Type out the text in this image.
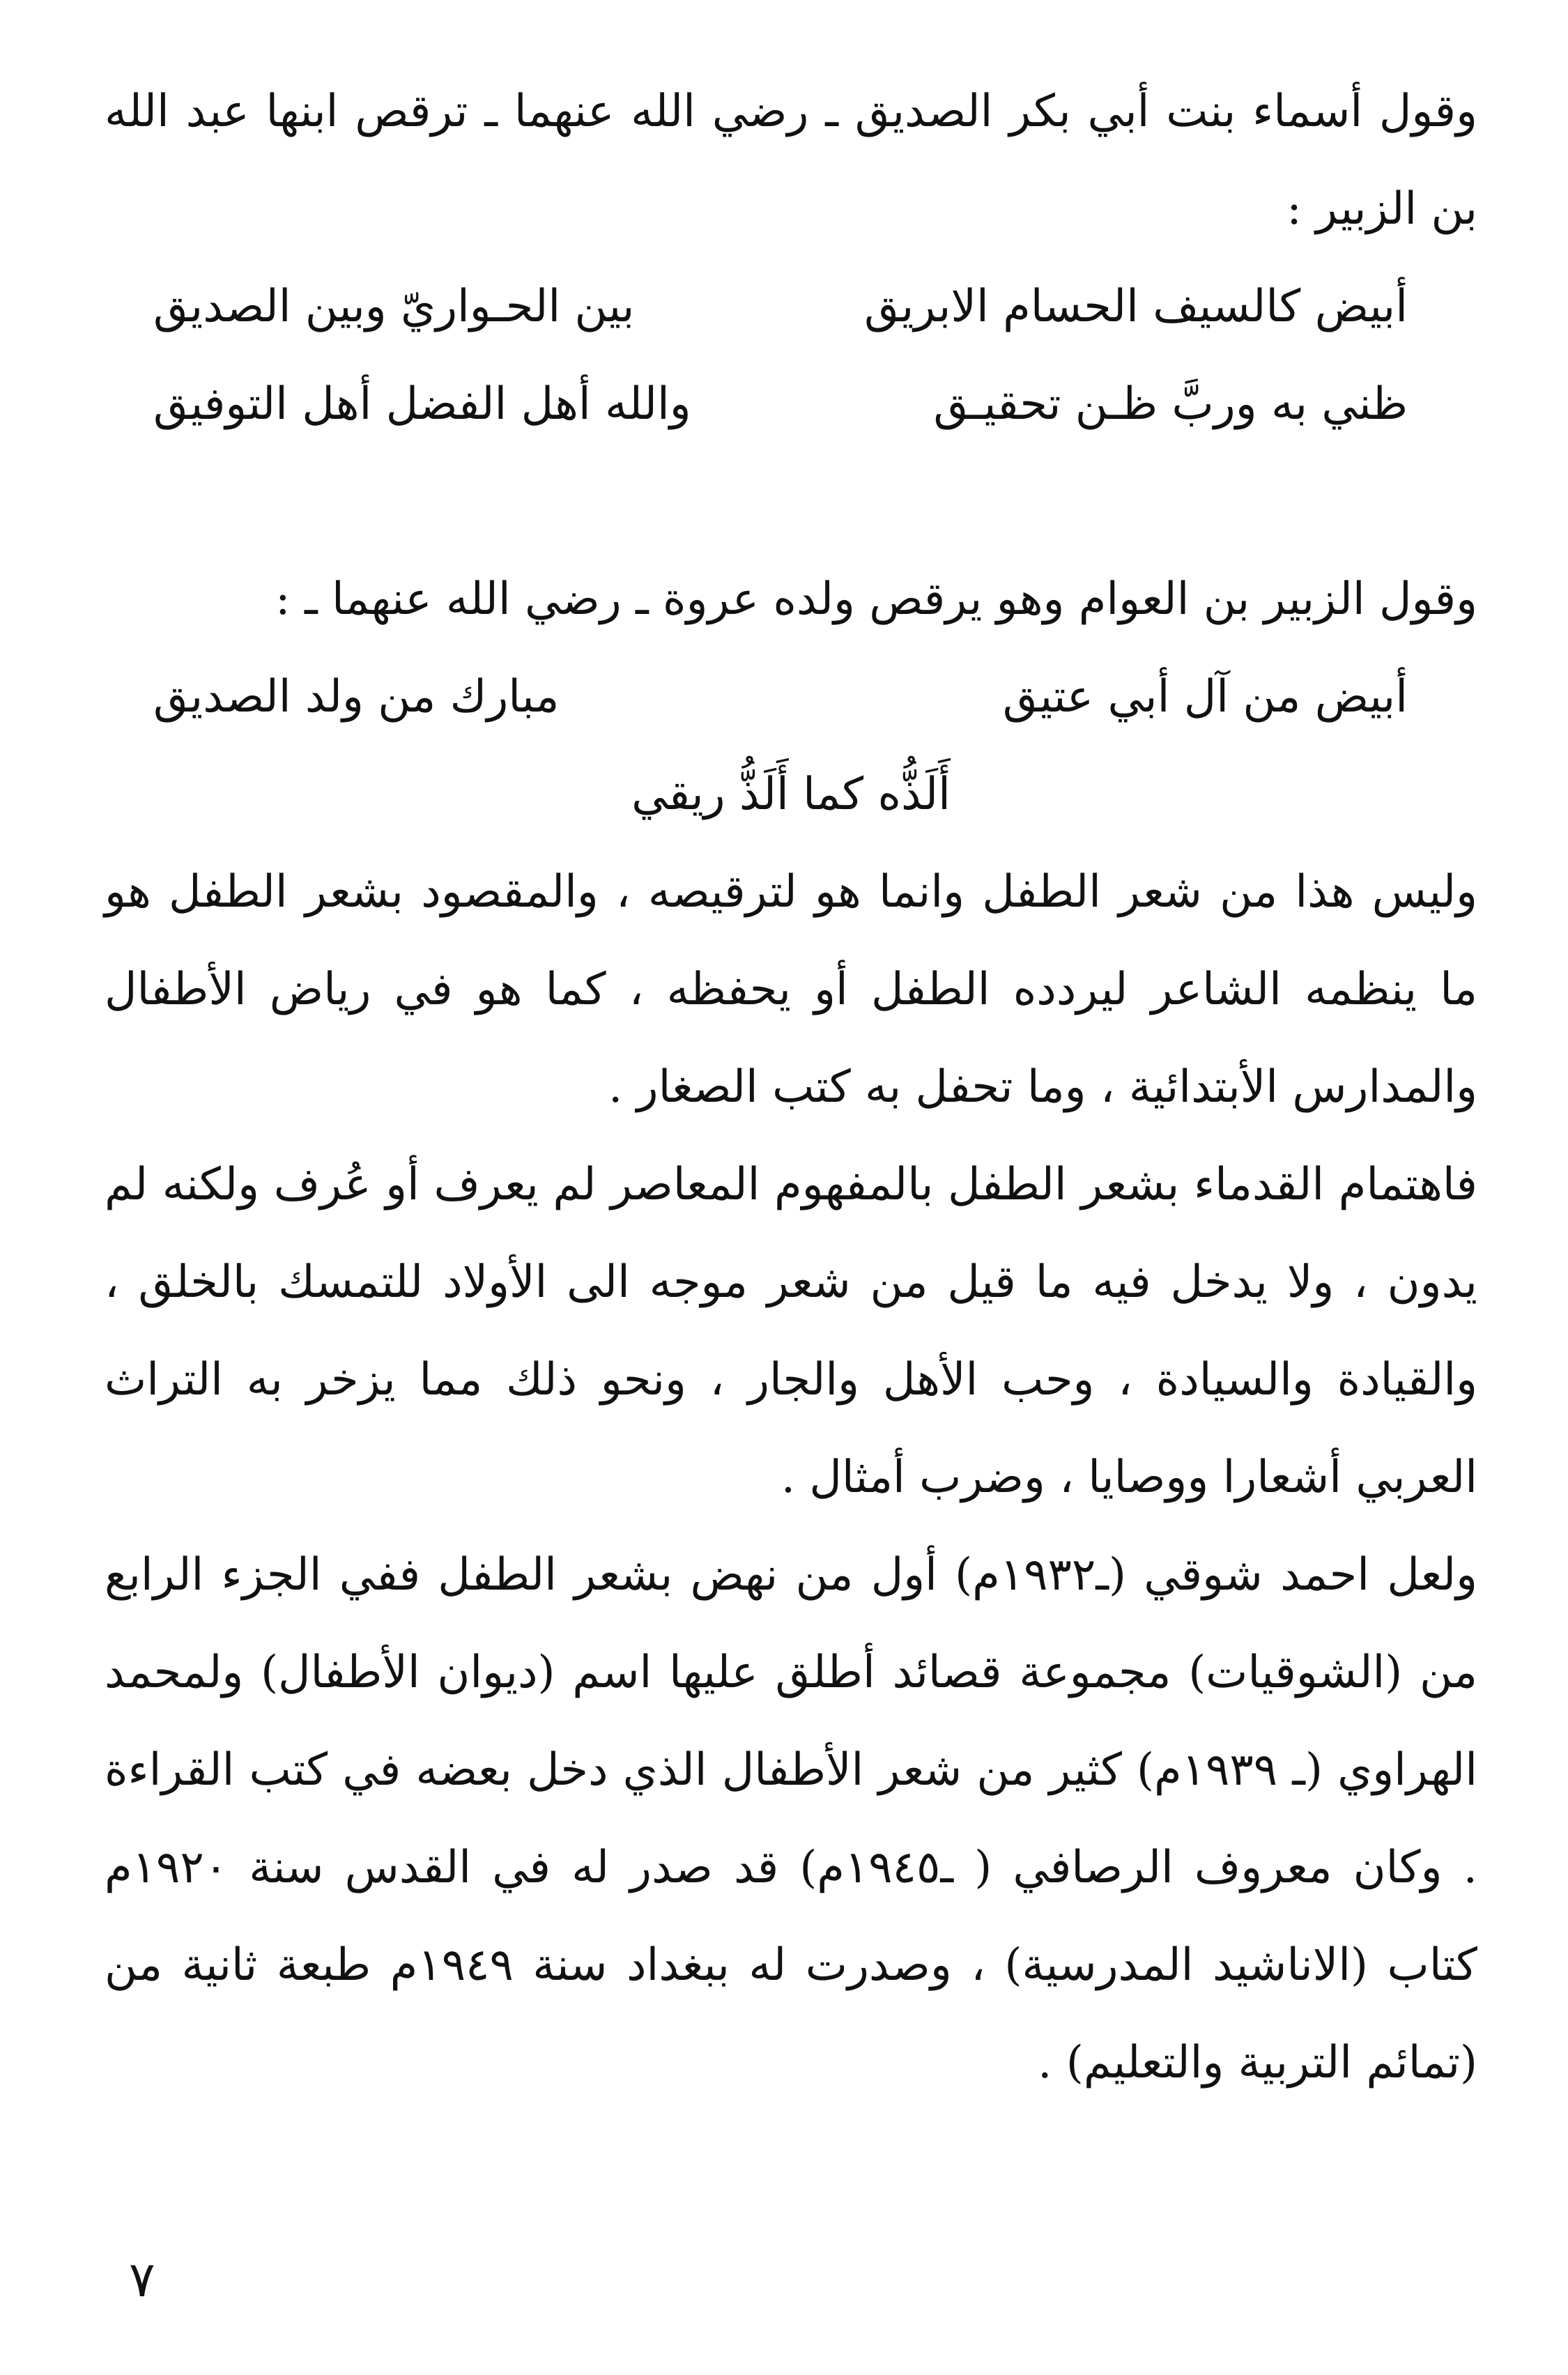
وقول أسماء بنت أبي بكر الصديق ـ رضي الله عنهما ـ ترقص ابنها عبد الله بن الزبير :

أبيض كالسيف الحسام الابريق
بين الحـواريّ وبين الصديق
ظني به وربَّ ظـن تحقيـق
والله أهل الفضل أهل التوفيق

وقول الزبير بن العوام وهو يرقص ولده عروة ـ رضي الله عنهما ـ :

أبيض من آل أبي عتيق
مبارك من ولد الصديق
أَلَذُّه كما أَلَذُّ ريقي

وليس هذا من شعر الطفل وانما هو لترقيصه ، والمقصود بشعر الطفل هو ما ينظمه الشاعر ليردده الطفل أو يحفظه ، كما هو في رياض الأطفال والمدارس الأبتدائية ، وما تحفل به كتب الصغار .

فاهتمام القدماء بشعر الطفل بالمفهوم المعاصر لم يعرف أو عُرف ولكنه لم يدون ، ولا يدخل فيه ما قيل من شعر موجه الى الأولاد للتمسك بالخلق ، والقيادة والسيادة ، وحب الأهل والجار ، ونحو ذلك مما يزخر به التراث العربي أشعارا ووصايا ، وضرب أمثال .

ولعل احمد شوقي (ـ١٩٣٢م) أول من نهض بشعر الطفل ففي الجزء الرابع من (الشوقيات) مجموعة قصائد أطلق عليها اسم (ديوان الأطفال) ولمحمد الهراوي (ـ ١٩٣٩م) كثير من شعر الأطفال الذي دخل بعضه في كتب القراءة . وكان معروف الرصافي ( ـ١٩٤٥م) قد صدر له في القدس سنة ١٩٢٠م كتاب (الاناشيد المدرسية) ، وصدرت له ببغداد سنة ١٩٤٩م طبعة ثانية من (تمائم التربية والتعليم) .

٧
